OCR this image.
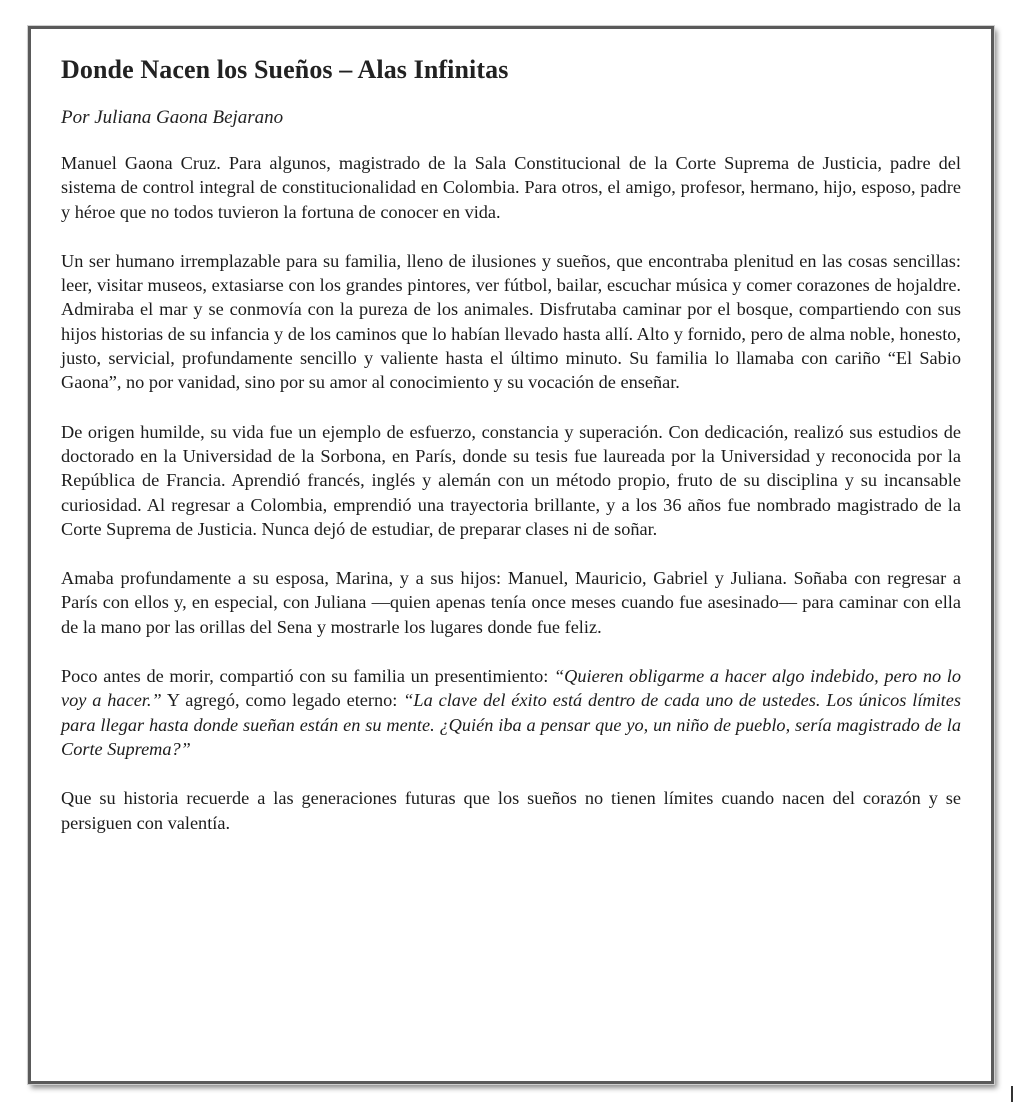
Donde Nacen los Sueños – Alas Infinitas
Por Juliana Gaona Bejarano

Manuel Gaona Cruz. Para algunos, magistrado de la Sala Constitucional de la Corte Suprema de Justicia, padre del sistema de control integral de constitucionalidad en Colombia. Para otros, el amigo, profesor, hermano, hijo, esposo, padre y héroe que no todos tuvieron la fortuna de conocer en vida.

Un ser humano irremplazable para su familia, lleno de ilusiones y sueños, que encontraba plenitud en las cosas sencillas: leer, visitar museos, extasiarse con los grandes pintores, ver fútbol, bailar, escuchar música y comer corazones de hojaldre. Admiraba el mar y se conmovía con la pureza de los animales. Disfrutaba caminar por el bosque, compartiendo con sus hijos historias de su infancia y de los caminos que lo habían llevado hasta allí. Alto y fornido, pero de alma noble, honesto, justo, servicial, profundamente sencillo y valiente hasta el último minuto. Su familia lo llamaba con cariño “El Sabio Gaona”, no por vanidad, sino por su amor al conocimiento y su vocación de enseñar.

De origen humilde, su vida fue un ejemplo de esfuerzo, constancia y superación. Con dedicación, realizó sus estudios de doctorado en la Universidad de la Sorbona, en París, donde su tesis fue laureada por la Universidad y reconocida por la República de Francia. Aprendió francés, inglés y alemán con un método propio, fruto de su disciplina y su incansable curiosidad. Al regresar a Colombia, emprendió una trayectoria brillante, y a los 36 años fue nombrado magistrado de la Corte Suprema de Justicia. Nunca dejó de estudiar, de preparar clases ni de soñar.

Amaba profundamente a su esposa, Marina, y a sus hijos: Manuel, Mauricio, Gabriel y Juliana. Soñaba con regresar a París con ellos y, en especial, con Juliana —quien apenas tenía once meses cuando fue asesinado— para caminar con ella de la mano por las orillas del Sena y mostrarle los lugares donde fue feliz.

Poco antes de morir, compartió con su familia un presentimiento: “Quieren obligarme a hacer algo indebido, pero no lo voy a hacer.” Y agregó, como legado eterno: “La clave del éxito está dentro de cada uno de ustedes. Los únicos límites para llegar hasta donde sueñan están en su mente. ¿Quién iba a pensar que yo, un niño de pueblo, sería magistrado de la Corte Suprema?”

Que su historia recuerde a las generaciones futuras que los sueños no tienen límites cuando nacen del corazón y se persiguen con valentía.
